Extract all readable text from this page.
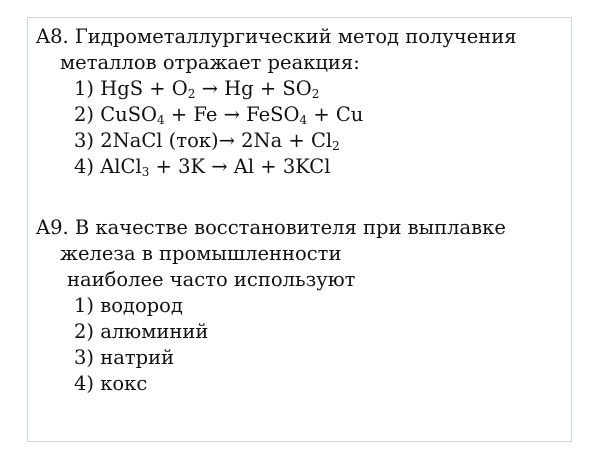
A8. Гидрометаллургический метод получения
металлов отражает реакция:
1) HgS + $O_2 \to Hg + SO_2$
2) CuSO$_4$ + Fe → FeSO$_4$ + Cu
3) 2NaCl $(ток)\to 2Na + Cl_2$
4) AlCl$_3$ + 3K → Al + 3KCl
A9. В качестве восстановителя при выплавке
железа в промышленности
наиболее часто используют
1) водород
2) алюминий
3) натрий
4) кокс
